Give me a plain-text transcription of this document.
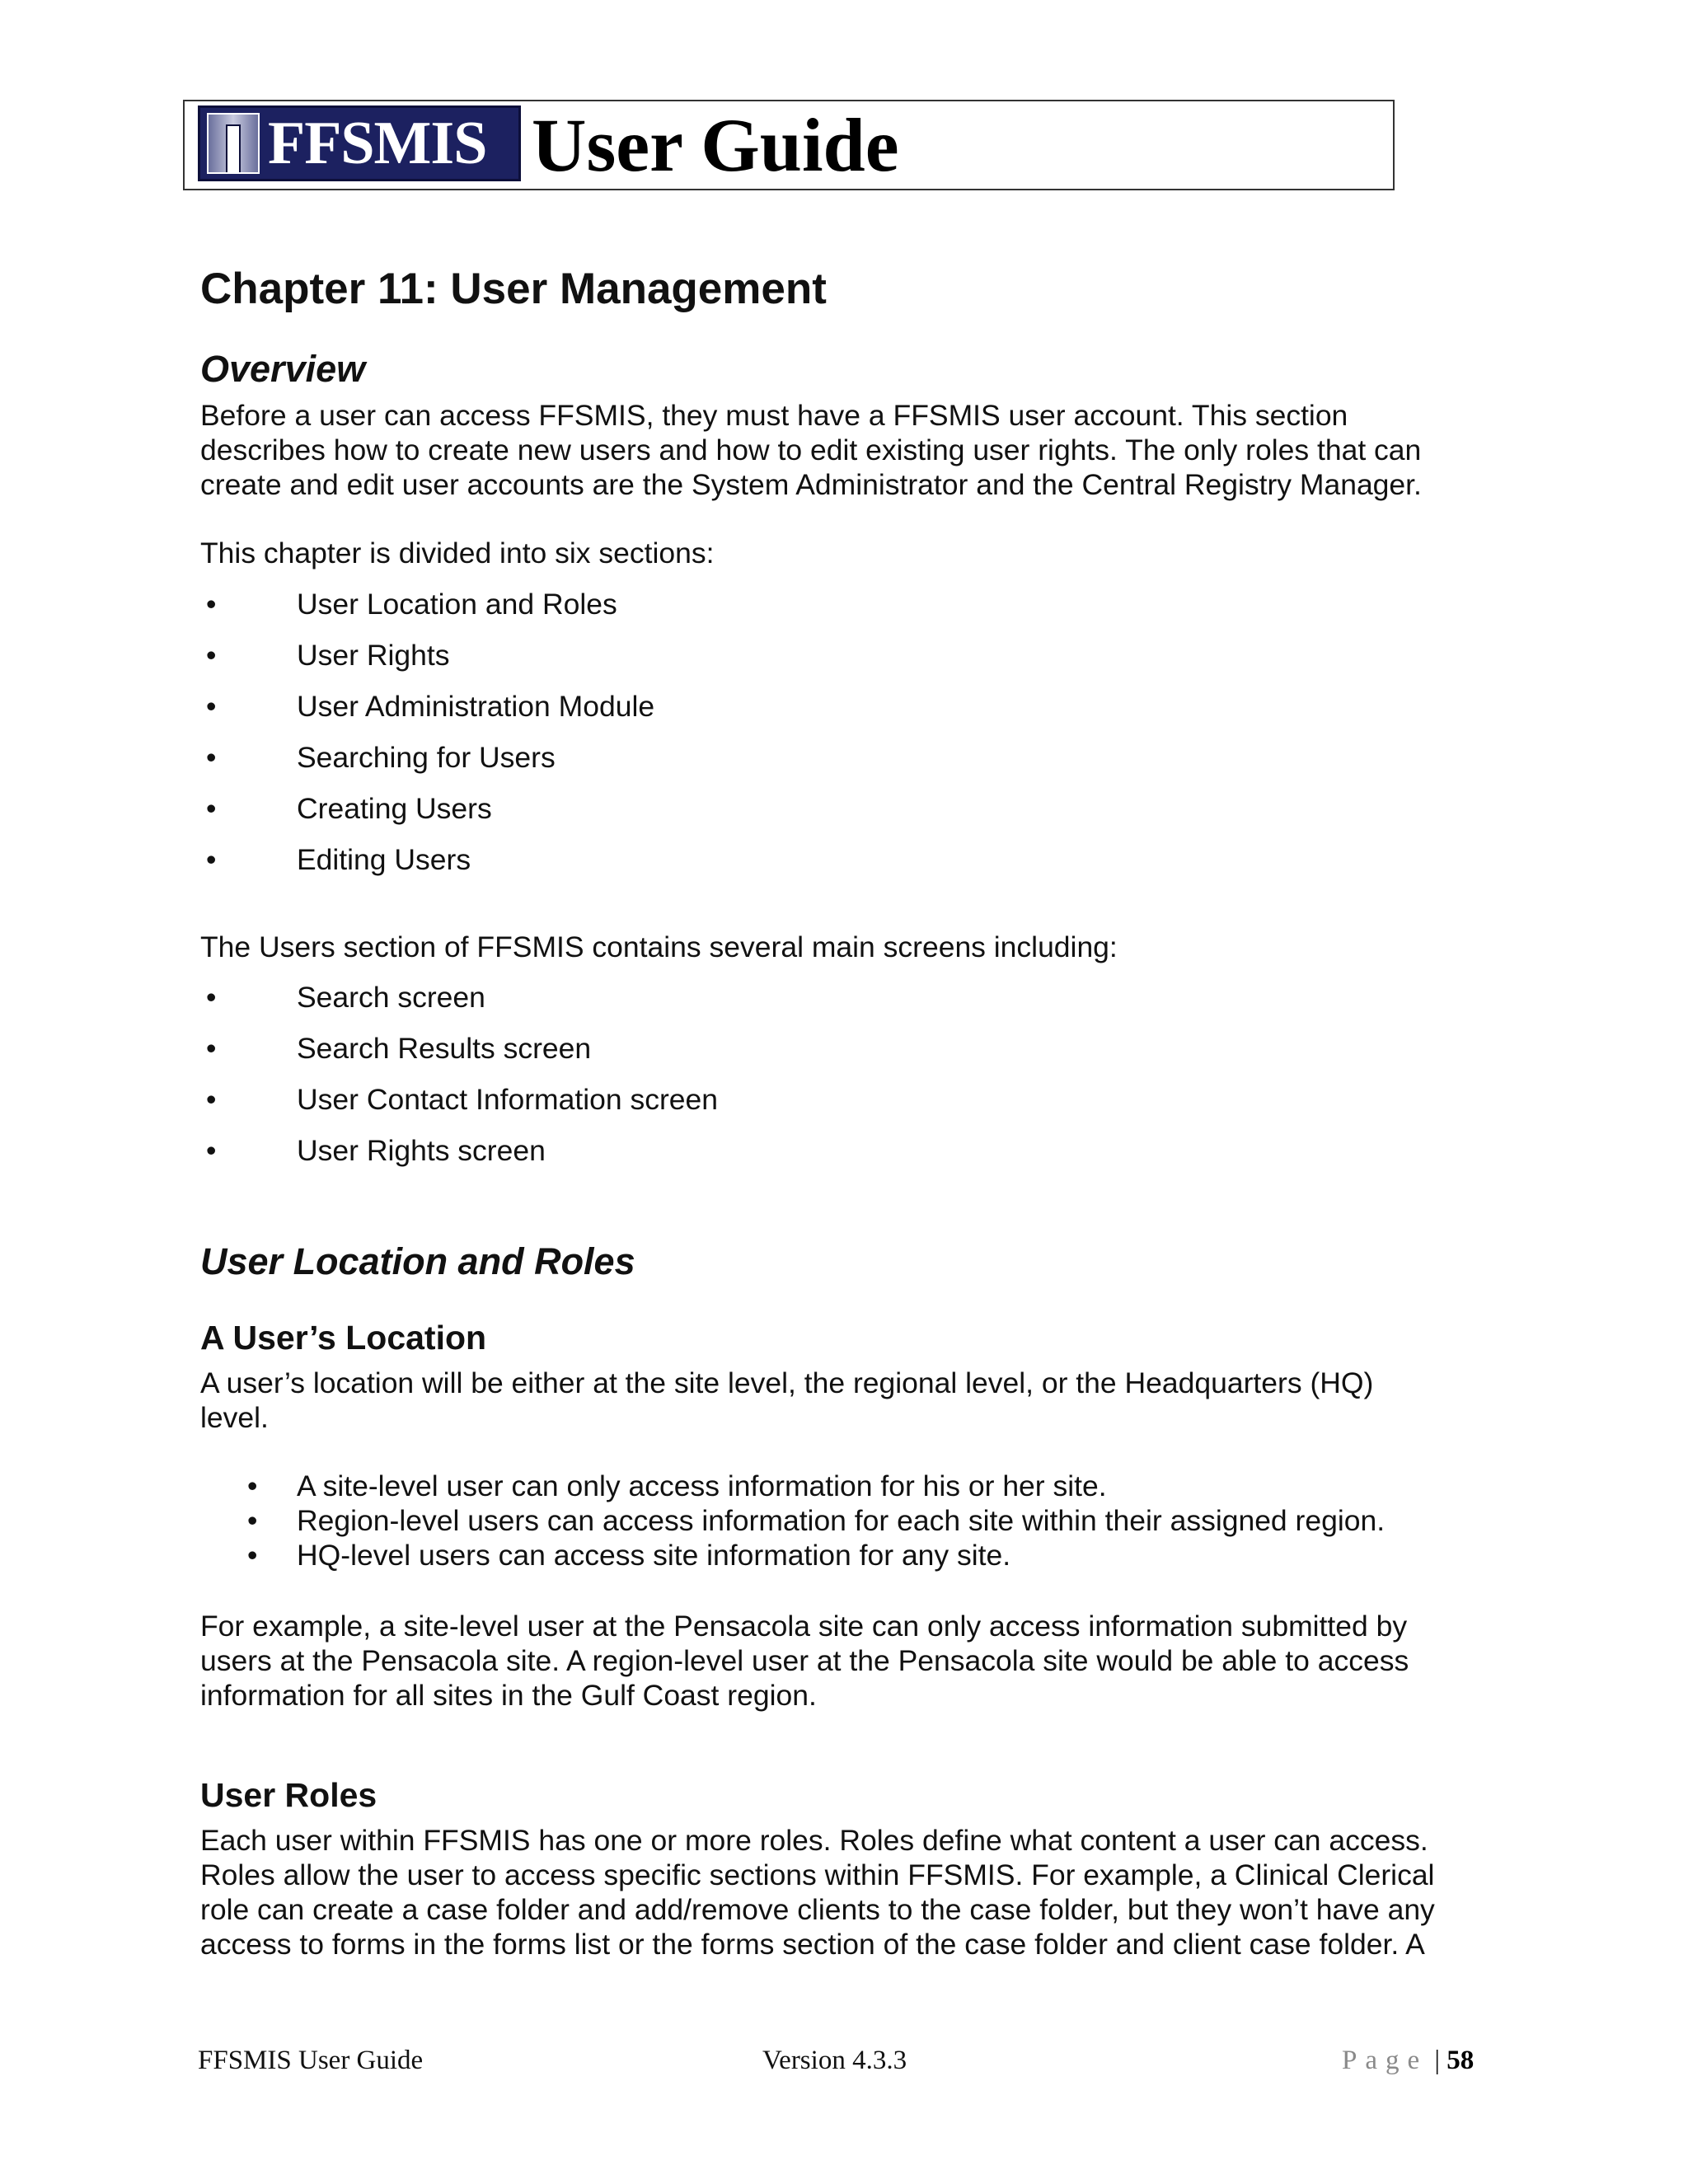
FFSMIS User Guide
Chapter 11: User Management
Overview
Before a user can access FFSMIS, they must have a FFSMIS user account. This section
describes how to create new users and how to edit existing user rights. The only roles that can
create and edit user accounts are the System Administrator and the Central Registry Manager.
This chapter is divided into six sections:
•	User Location and Roles
•	User Rights
•	User Administration Module
•	Searching for Users
•	Creating Users
•	Editing Users
The Users section of FFSMIS contains several main screens including:
•	Search screen
•	Search Results screen
•	User Contact Information screen
•	User Rights screen
User Location and Roles
A User’s Location
A user’s location will be either at the site level, the regional level, or the Headquarters (HQ)
level.
• A site-level user can only access information for his or her site.
• Region-level users can access information for each site within their assigned region.
• HQ-level users can access site information for any site.
For example, a site-level user at the Pensacola site can only access information submitted by
users at the Pensacola site. A region-level user at the Pensacola site would be able to access
information for all sites in the Gulf Coast region.
User Roles
Each user within FFSMIS has one or more roles. Roles define what content a user can access.
Roles allow the user to access specific sections within FFSMIS. For example, a Clinical Clerical
role can create a case folder and add/remove clients to the case folder, but they won’t have any
access to forms in the forms list or the forms section of the case folder and client case folder. A
FFSMIS User Guide	Version 4.3.3	Page | 58
